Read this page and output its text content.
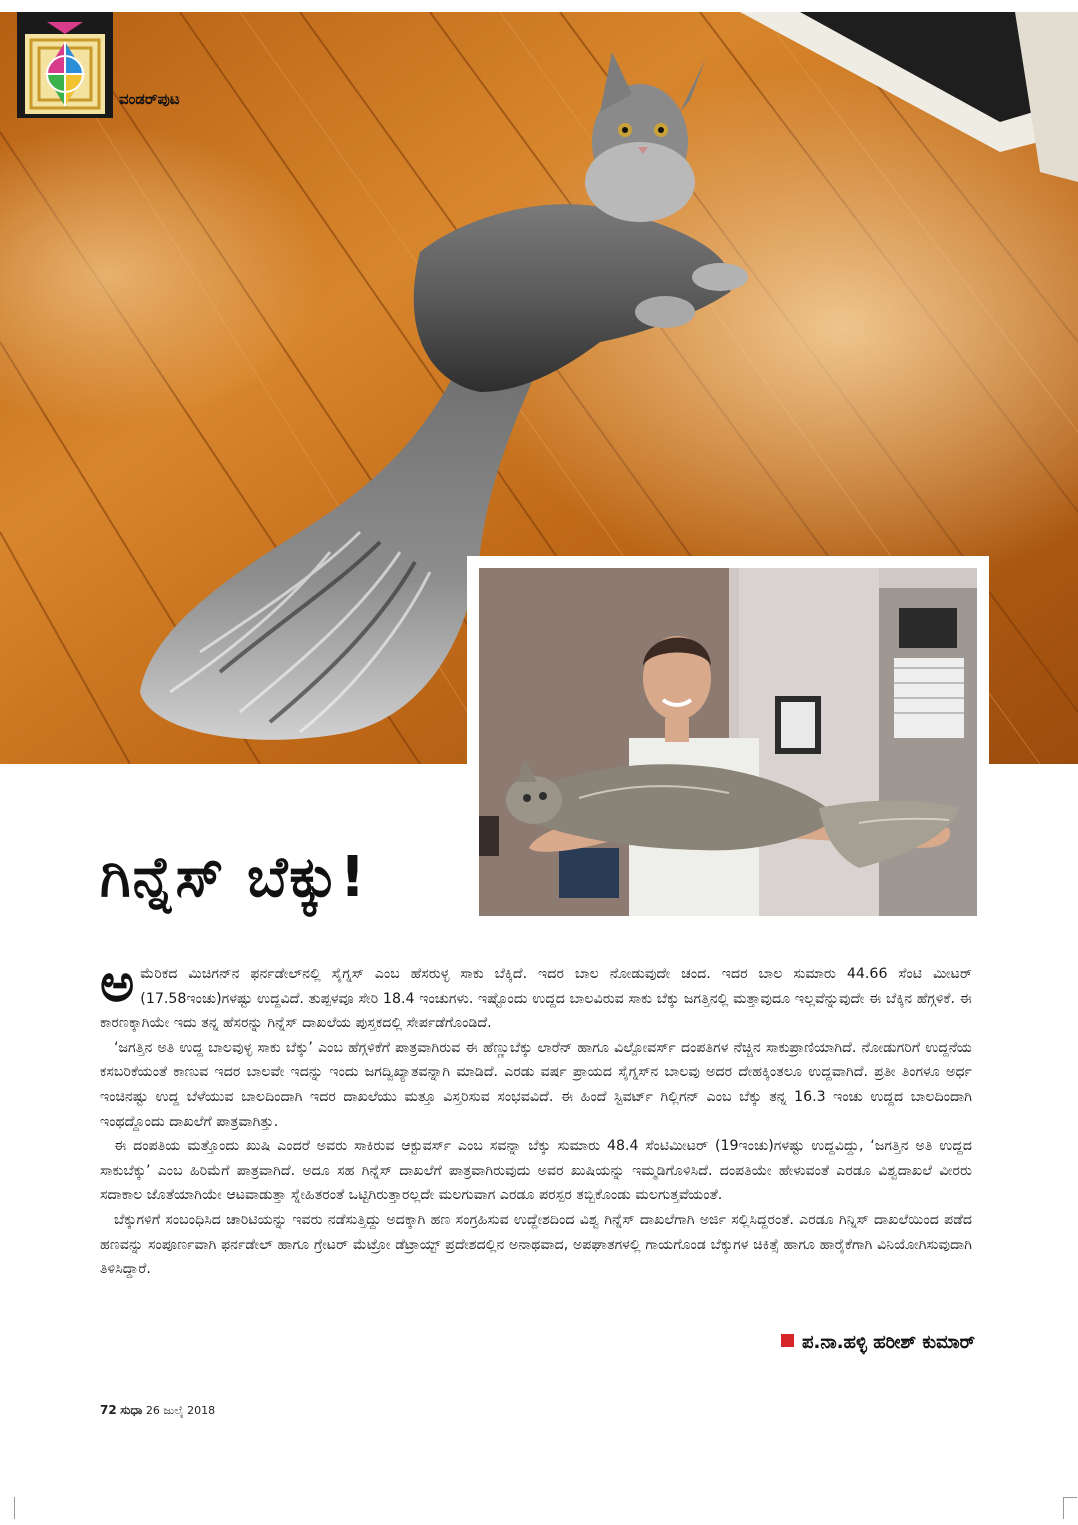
ವಂಡರ್‌ಪುಟ
ಗಿನ್ನೆಸ್ ಬೆಕ್ಕು!

ಅಮೆರಿಕದ ಮಿಚಿಗನ್‌ನ ಫರ್ನಡೇಲ್‌ನಲ್ಲಿ ಸೈಗ್ನಸ್ ಎಂಬ ಹೆಸರುಳ್ಳ ಸಾಕು ಬೆಕ್ಕಿದೆ. ಇದರ ಬಾಲ ನೋಡುವುದೇ ಚಂದ. ಇದರ ಬಾಲ ಸುಮಾರು 44.66 ಸೆಂಟಿ ಮೀಟರ್ (17.58ಇಂಚು)ಗಳಷ್ಟು ಉದ್ದವಿದೆ. ತುಪ್ಪಳವೂ ಸೇರಿ 18.4 ಇಂಚುಗಳು. ಇಷ್ಟೊಂದು ಉದ್ದದ ಬಾಲವಿರುವ ಸಾಕು ಬೆಕ್ಕು ಜಗತ್ತಿನಲ್ಲಿ ಮತ್ತಾವುದೂ ಇಲ್ಲವೆನ್ನುವುದೇ ಈ ಬೆಕ್ಕಿನ ಹೆಗ್ಗಳಿಕೆ. ಈ ಕಾರಣಕ್ಕಾಗಿಯೇ ಇದು ತನ್ನ ಹೆಸರನ್ನು ಗಿನ್ನೆಸ್ ದಾಖಲೆಯ ಪುಸ್ತಕದಲ್ಲಿ ಸೇರ್ಪಡೆಗೊಂಡಿದೆ.

‘ಜಗತ್ತಿನ ಅತಿ ಉದ್ದ ಬಾಲವುಳ್ಳ ಸಾಕು ಬೆಕ್ಕು’ ಎಂಬ ಹೆಗ್ಗಳಿಕೆಗೆ ಪಾತ್ರವಾಗಿರುವ ಈ ಹೆಣ್ಣುಬೆಕ್ಕು ಲಾರೆನ್ ಹಾಗೂ ವಿಲ್ಪೋವರ್ಸ್ ದಂಪತಿಗಳ ನೆಚ್ಚಿನ ಸಾಕುಪ್ರಾಣಿಯಾಗಿದೆ. ನೋಡುಗರಿಗೆ ಉದ್ದನೆಯ ಕಸಬರಿಕೆಯಂತೆ ಕಾಣುವ ಇದರ ಬಾಲವೇ ಇದನ್ನು ಇಂದು ಜಗದ್ವಿಖ್ಯಾತವನ್ನಾಗಿ ಮಾಡಿದೆ. ಎರಡು ವರ್ಷ ಪ್ರಾಯದ ಸೈಗ್ನಸ್‌ನ ಬಾಲವು ಅದರ ದೇಹಕ್ಕಿಂತಲೂ ಉದ್ದವಾಗಿದೆ. ಪ್ರತೀ ತಿಂಗಳೂ ಅರ್ಧ ಇಂಚಿನಷ್ಟು ಉದ್ದ ಬೆಳೆಯುವ ಬಾಲದಿಂದಾಗಿ ಇದರ ದಾಖಲೆಯು ಮತ್ತೂ ವಿಸ್ತರಿಸುವ ಸಂಭವವಿದೆ. ಈ ಹಿಂದೆ ಸ್ಟಿವರ್ಟ್ ಗಿಲ್ಲಿಗನ್ ಎಂಬ ಬೆಕ್ಕು ತನ್ನ 16.3 ಇಂಚು ಉದ್ದದ ಬಾಲದಿಂದಾಗಿ ಇಂಥದ್ದೊಂದು ದಾಖಲೆಗೆ ಪಾತ್ರವಾಗಿತ್ತು.

ಈ ದಂಪತಿಯ ಮತ್ತೊಂದು ಖುಷಿ ಎಂದರೆ ಅವರು ಸಾಕಿರುವ ಆಕ್ಟುವರ್ಸ್ ಎಂಬ ಸವನ್ನಾ ಬೆಕ್ಕು ಸುಮಾರು 48.4 ಸೆಂಟಿಮೀಟರ್ (19ಇಂಚು)ಗಳಷ್ಟು ಉದ್ದವಿದ್ದು, ‘ಜಗತ್ತಿನ ಅತಿ ಉದ್ದದ ಸಾಕುಬೆಕ್ಕು’ ಎಂಬ ಹಿರಿಮೆಗೆ ಪಾತ್ರವಾಗಿದೆ. ಅದೂ ಸಹ ಗಿನ್ನೆಸ್ ದಾಖಲೆಗೆ ಪಾತ್ರವಾಗಿರುವುದು ಅವರ ಖುಷಿಯನ್ನು ಇಮ್ಮಡಿಗೊಳಿಸಿದೆ. ದಂಪತಿಯೇ ಹೇಳುವಂತೆ ಎರಡೂ ವಿಶ್ವದಾಖಲೆ ವೀರರು ಸದಾಕಾಲ ಜೊತೆಯಾಗಿಯೇ ಆಟವಾಡುತ್ತಾ ಸ್ನೇಹಿತರಂತೆ ಒಟ್ಟಿಗಿರುತ್ತಾರಲ್ಲದೇ ಮಲಗುವಾಗ ಎರಡೂ ಪರಸ್ಪರ ತಬ್ಬಿಕೊಂಡು ಮಲಗುತ್ತವೆಯಂತೆ.

ಬೆಕ್ಕುಗಳಿಗೆ ಸಂಬಂಧಿಸಿದ ಚಾರಿಟಿಯನ್ನು ಇವರು ನಡೆಸುತ್ತಿದ್ದು ಅದಕ್ಕಾಗಿ ಹಣ ಸಂಗ್ರಹಿಸುವ ಉದ್ದೇಶದಿಂದ ವಿಶ್ವ ಗಿನ್ನೆಸ್ ದಾಖಲೆಗಾಗಿ ಅರ್ಜಿ ಸಲ್ಲಿಸಿದ್ದರಂತೆ. ಎರಡೂ ಗಿನ್ನಿಸ್ ದಾಖಲೆಯಿಂದ ಪಡೆದ ಹಣವನ್ನು ಸಂಪೂರ್ಣವಾಗಿ ಫರ್ನಡೇಲ್ ಹಾಗೂ ಗ್ರೇಟರ್ ಮೆಟ್ರೋ ಡೆಟ್ರಾಯ್ಟ್ ಪ್ರದೇಶದಲ್ಲಿನ ಅನಾಥವಾದ, ಅಪಘಾತಗಳಲ್ಲಿ ಗಾಯಗೊಂಡ ಬೆಕ್ಕುಗಳ ಚಿಕಿತ್ಸೆ ಹಾಗೂ ಹಾರೈಕೆಗಾಗಿ ವಿನಿಯೋಗಿಸುವುದಾಗಿ ತಿಳಿಸಿದ್ದಾರೆ.

ಪ.ನಾ.ಹಳ್ಳಿ ಹರೀಶ್ ಕುಮಾರ್
72 ಸುಧಾ 26 ಜುಲೈ 2018
